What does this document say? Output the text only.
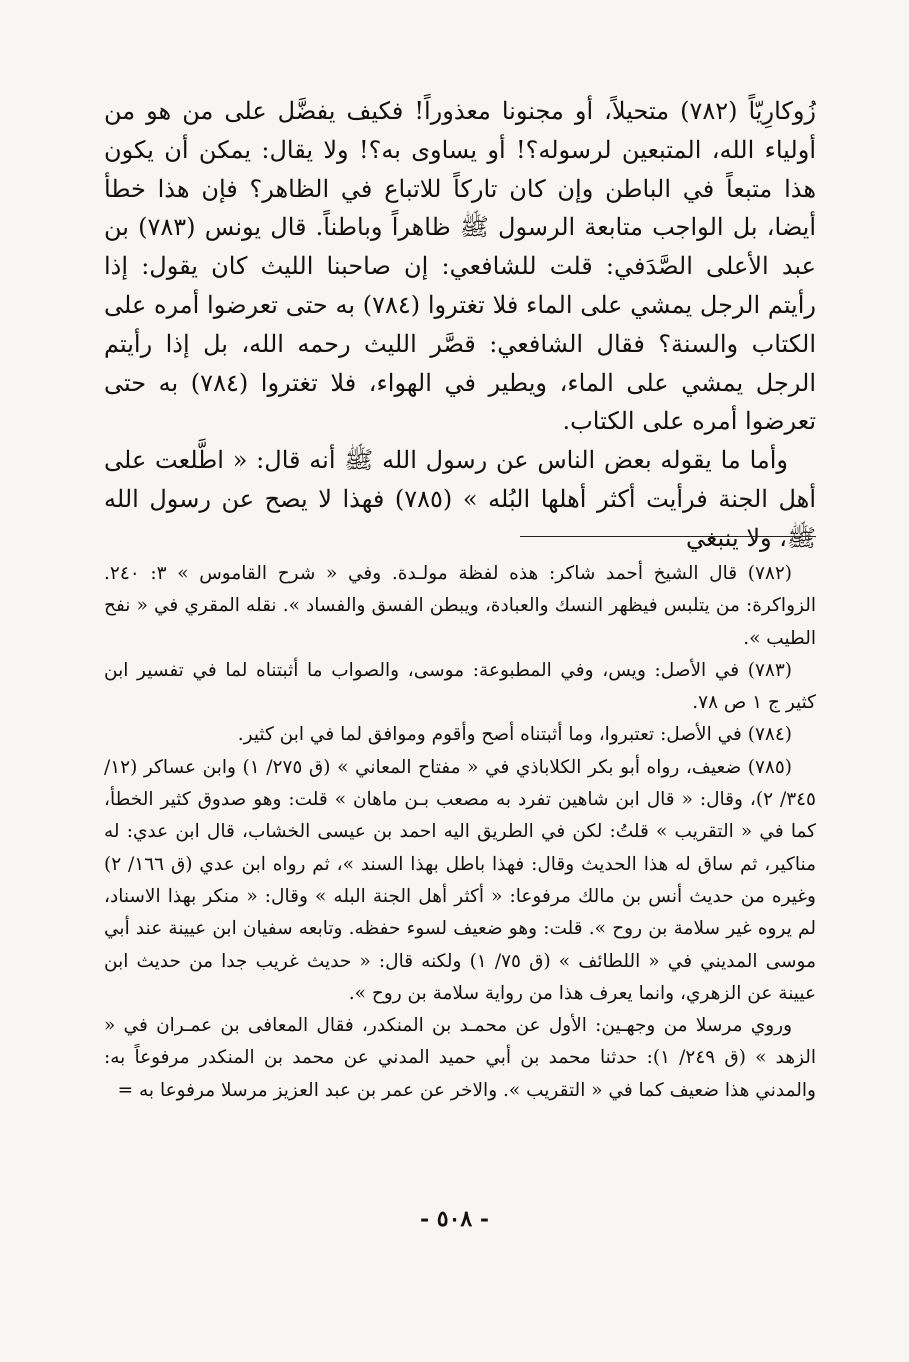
زُوكارِيّاً (٧٨٢) متحيلاً، أو مجنونا معذوراً! فكيف يفضَّل على من هو من أولياء الله، المتبعين لرسوله؟! أو يساوى به؟! ولا يقال: يمكن أن يكون هذا متبعاً في الباطن وإن كان تاركاً للاتباع في الظاهر؟ فإن هذا خطأ أيضا، بل الواجب متابعة الرسول ﷺ ظاهراً وباطناً. قال يونس (٧٨٣) بن عبد الأعلى الصَّدَفي: قلت للشافعي: إن صاحبنا الليث كان يقول: إذا رأيتم الرجل يمشي على الماء فلا تغتروا (٧٨٤) به حتى تعرضوا أمره على الكتاب والسنة؟ فقال الشافعي: قصَّر الليث رحمه الله، بل إذا رأيتم الرجل يمشي على الماء، ويطير في الهواء، فلا تغتروا (٧٨٤) به حتى تعرضوا أمره على الكتاب.

وأما ما يقوله بعض الناس عن رسول الله ﷺ أنه قال: « اطَّلعت على أهل الجنة فرأيت أكثر أهلها البُله » (٧٨٥) فهذا لا يصح عن رسول الله ﷺ، ولا ينبغي

(٧٨٢) قال الشيخ أحمد شاكر: هذه لفظة مولـدة. وفي « شرح القاموس » ٣: ٢٤٠. الزواكرة: من يتلبس فيظهر النسك والعبادة، ويبطن الفسق والفساد ». نقله المقري في « نفح الطيب ».

(٧٨٣) في الأصل: ويس، وفي المطبوعة: موسى، والصواب ما أثبتناه لما في تفسير ابن كثير ج ١ ص ٧٨.

(٧٨٤) في الأصل: تعتبروا، وما أثبتناه أصح وأقوم وموافق لما في ابن كثير.

(٧٨٥) ضعيف، رواه أبو بكر الكلاباذي في « مفتاح المعاني » (ق ٢٧٥/ ١) وابن عساكر (١٢/ ٣٤٥/ ٢)، وقال: « قال ابن شاهين تفرد به مصعب بـن ماهان » قلت: وهو صدوق كثير الخطأ، كما في « التقريب » قلتُ: لكن في الطريق اليه احمد بن عيسى الخشاب، قال ابن عدي: له مناكير، ثم ساق له هذا الحديث وقال: فهذا باطل بهذا السند »، ثم رواه ابن عدي (ق ١٦٦/ ٢) وغيره من حديث أنس بن مالك مرفوعا: « أكثر أهل الجنة البله » وقال: « منكر بهذا الاسناد، لم يروه غير سلامة بن روح ». قلت: وهو ضعيف لسوء حفظه. وتابعه سفيان ابن عيينة عند أبي موسى المديني في « اللطائف » (ق ٧٥/ ١) ولكنه قال: « حديث غريب جدا من حديث ابن عيينة عن الزهري، وانما يعرف هذا من رواية سلامة بن روح ».

وروي مرسلا من وجهـين: الأول عن محمـد بن المنكدر، فقال المعافى بن عمـران في « الزهد » (ق ٢٤٩/ ١): حدثنا محمد بن أبي حميد المدني عن محمد بن المنكدر مرفوعاً به: والمدني هذا ضعيف كما في « التقريب ». والاخر عن عمر بن عبد العزيز مرسلا مرفوعا به =

- ٥٠٨ -
